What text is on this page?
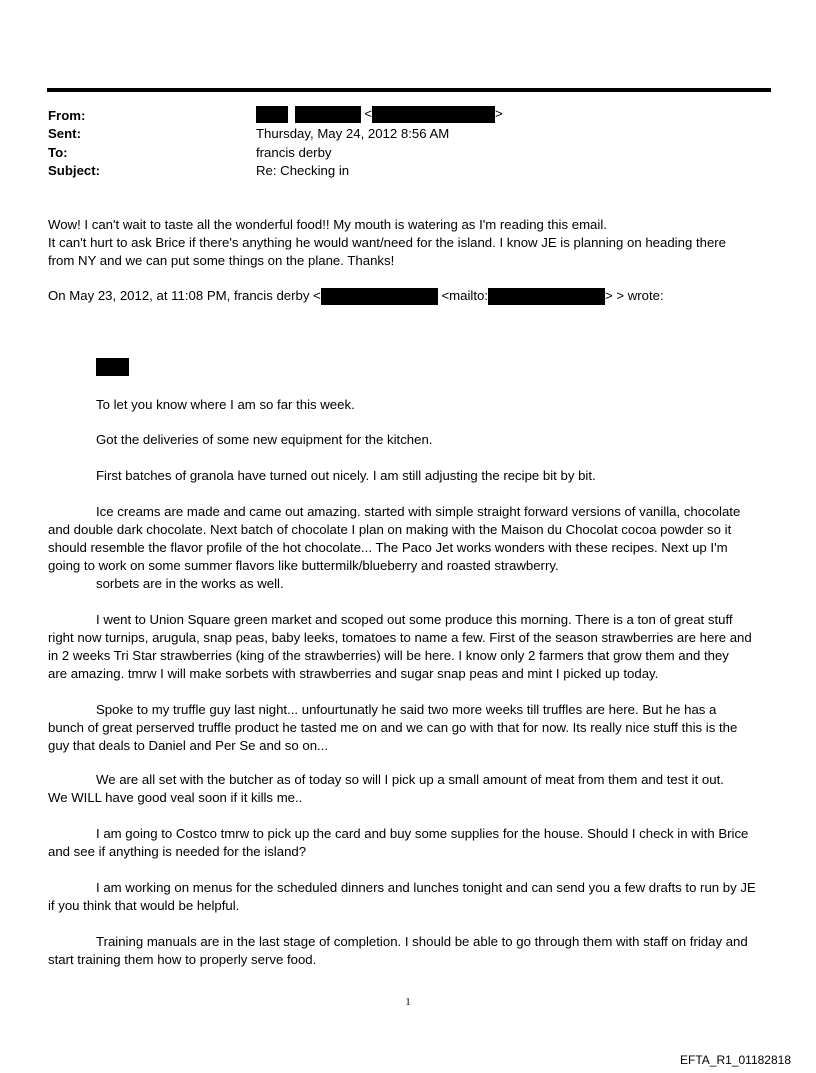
From:	<	>
Sent:	Thursday, May 24, 2012 8:56 AM
To:	francis derby
Subject:	Re: Checking in
Wow! I can't wait to taste all the wonderful food!! My mouth is watering as I'm reading this email.
It can't hurt to ask Brice if there's anything he would want/need for the island. I know JE is planning on heading there
from NY and we can put some things on the plane. Thanks!
On May 23, 2012, at 11:08 PM, francis derby <	<mailto:	> > wrote:
To let you know where I am so far this week.
Got the deliveries of some new equipment for the kitchen.
First batches of granola have turned out nicely. I am still adjusting the recipe bit by bit.
Ice creams are made and came out amazing. started with simple straight forward versions of vanilla, chocolate
and double dark chocolate. Next batch of chocolate I plan on making with the Maison du Chocolat cocoa powder so it
should resemble the flavor profile of the hot chocolate... The Paco Jet works wonders with these recipes. Next up I'm
going to work on some summer flavors like buttermilk/blueberry and roasted strawberry.
sorbets are in the works as well.
I went to Union Square green market and scoped out some produce this morning. There is a ton of great stuff
right now turnips, arugula, snap peas, baby leeks, tomatoes to name a few. First of the season strawberries are here and
in 2 weeks Tri Star strawberries (king of the strawberries) will be here. I know only 2 farmers that grow them and they
are amazing. tmrw I will make sorbets with strawberries and sugar snap peas and mint I picked up today.
Spoke to my truffle guy last night... unfourtunatly he said two more weeks till truffles are here. But he has a
bunch of great perserved truffle product he tasted me on and we can go with that for now. Its really nice stuff this is the
guy that deals to Daniel and Per Se and so on...
We are all set with the butcher as of today so will I pick up a small amount of meat from them and test it out.
We WILL have good veal soon if it kills me..
I am going to Costco tmrw to pick up the card and buy some supplies for the house. Should I check in with Brice
and see if anything is needed for the island?
I am working on menus for the scheduled dinners and lunches tonight and can send you a few drafts to run by JE
if you think that would be helpful.
Training manuals are in the last stage of completion. I should be able to go through them with staff on friday and
start training them how to properly serve food.
1
EFTA_R1_01182818
